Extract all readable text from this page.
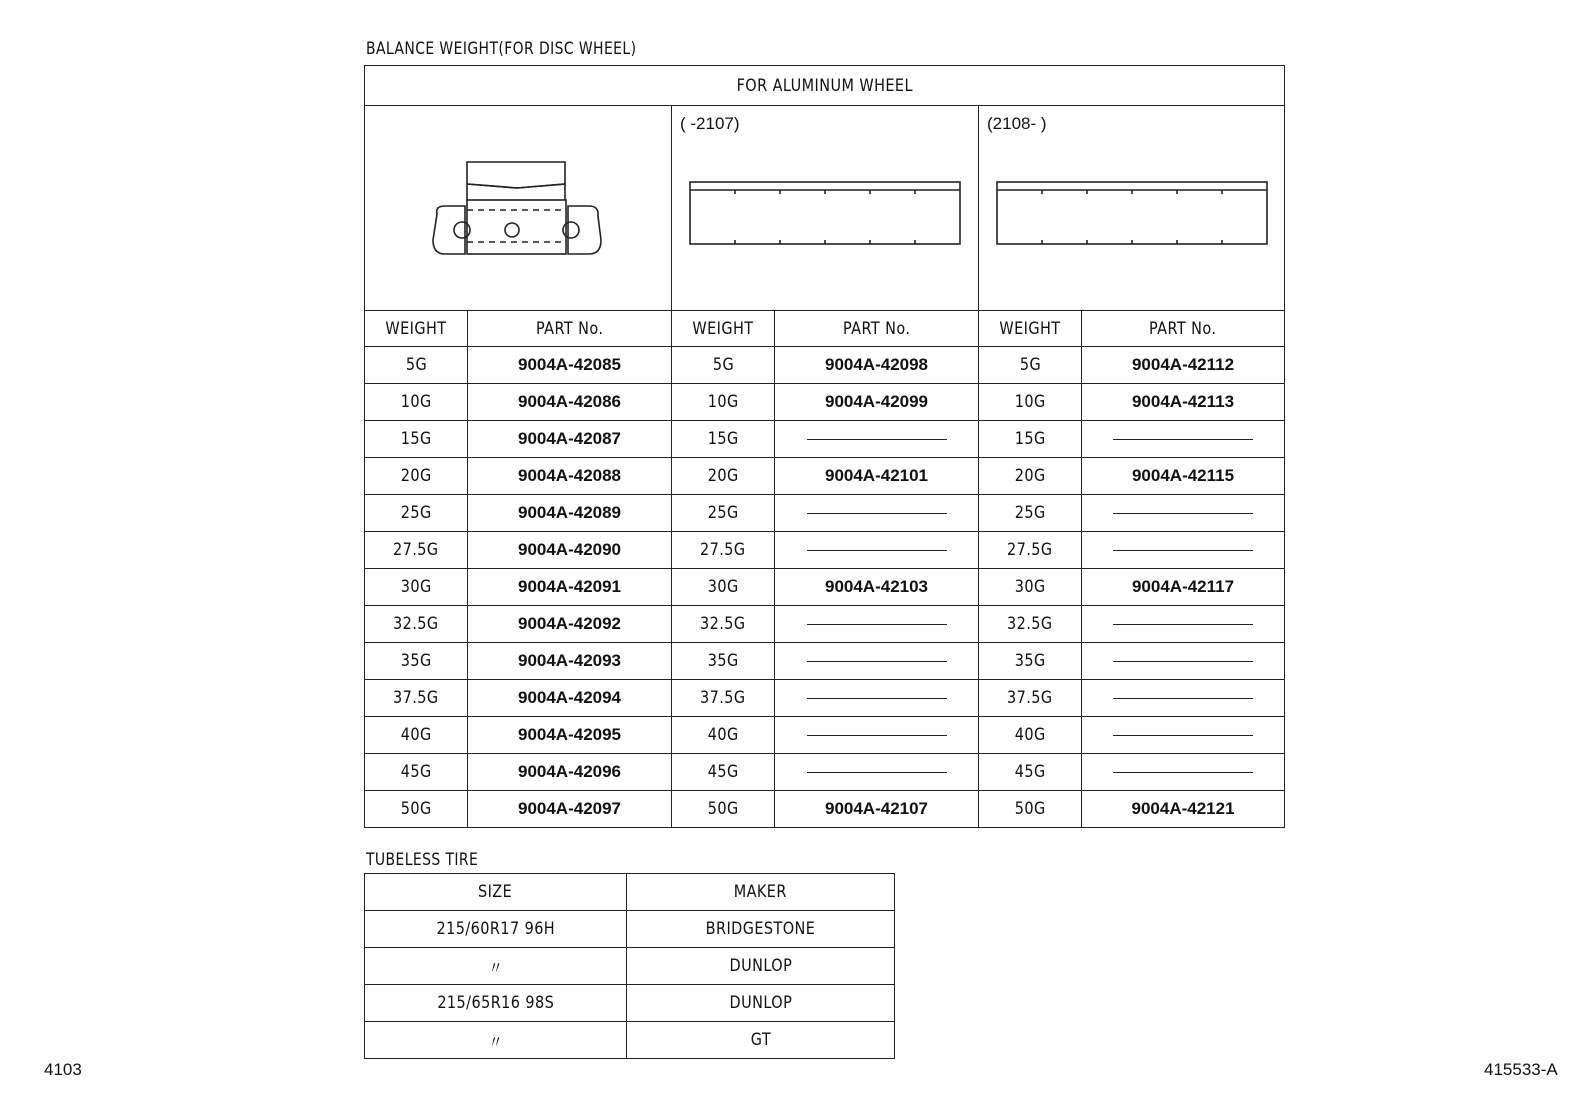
BALANCE WEIGHT(FOR DISC WHEEL)
FOR ALUMINUM WHEEL					

( -2107)		(2108- )	

WEIGHT	PART No.	WEIGHT	PART No.	WEIGHT	PART No.
5G	9004A-42085	5G	9004A-42098	5G	9004A-42112
10G	9004A-42086	10G	9004A-42099	10G	9004A-42113
15G	9004A-42087	15G		15G	
20G	9004A-42088	20G	9004A-42101	20G	9004A-42115
25G	9004A-42089	25G		25G	
27.5G	9004A-42090	27.5G		27.5G	
30G	9004A-42091	30G	9004A-42103	30G	9004A-42117
32.5G	9004A-42092	32.5G		32.5G	
35G	9004A-42093	35G		35G	
37.5G	9004A-42094	37.5G		37.5G	
40G	9004A-42095	40G		40G	
45G	9004A-42096	45G		45G	
50G	9004A-42097	50G	9004A-42107	50G	9004A-42121
TUBELESS TIRE
SIZE	MAKER
215/60R17 96H	BRIDGESTONE
〃	DUNLOP
215/65R16 98S	DUNLOP
〃	GT
4103	415533-A
